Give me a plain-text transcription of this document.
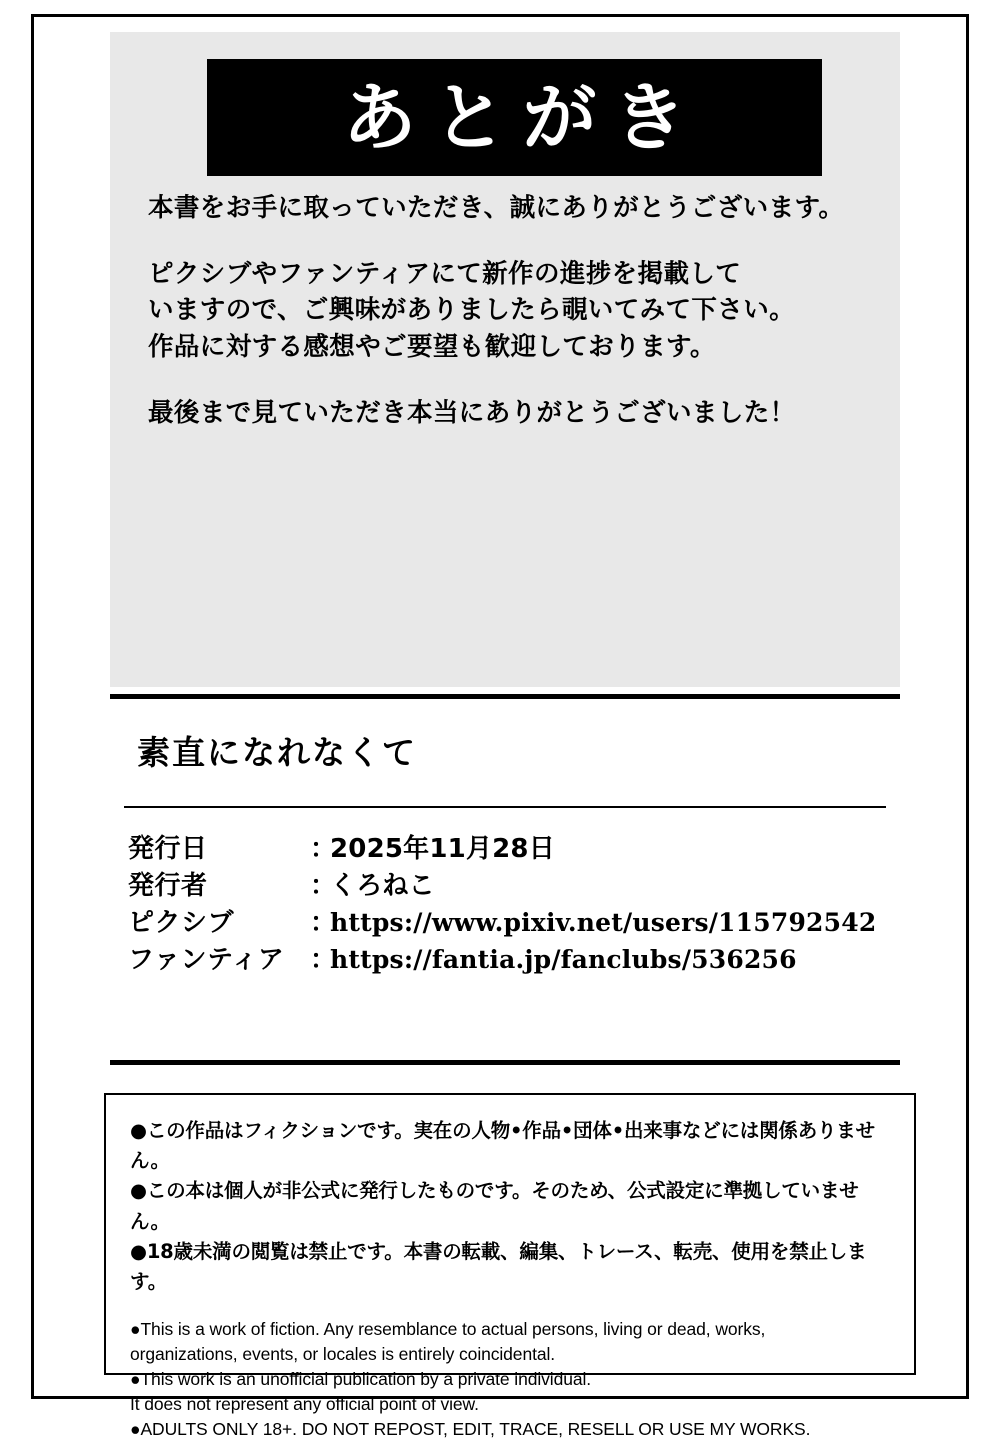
あとがき

本書をお手に取っていただき、誠にありがとうございます。

ピクシブやファンティアにて新作の進捗を掲載して

いますので、ご興味がありましたら覗いてみて下さい。

作品に対する感想やご要望も歓迎しております。

最後まで見ていただき本当にありがとうございました！

素直になれなくて
発行日	：
2025年11月28日
発行者	：
くろねこ
ピクシブ	：
https://www.pixiv.net/users/115792542
ファンティア ：
https://fantia.jp/fanclubs/536256

●この作品はフィクションです。実在の人物•作品•団体•出来事などには関係ありません。

●この本は個人が非公式に発行したものです。そのため、公式設定に準拠していません。

●18歳未満の閲覧は禁止です。本書の転載、編集、トレース、転売、使用を禁止します。

●This is a work of fiction. Any resemblance to actual persons, living or dead, works,

organizations, events, or locales is entirely coincidental.

●This work is an unofficial publication by a private individual.

It does not represent any official point of view.

●ADULTS ONLY 18+. DO NOT REPOST, EDIT, TRACE, RESELL OR USE MY WORKS.
